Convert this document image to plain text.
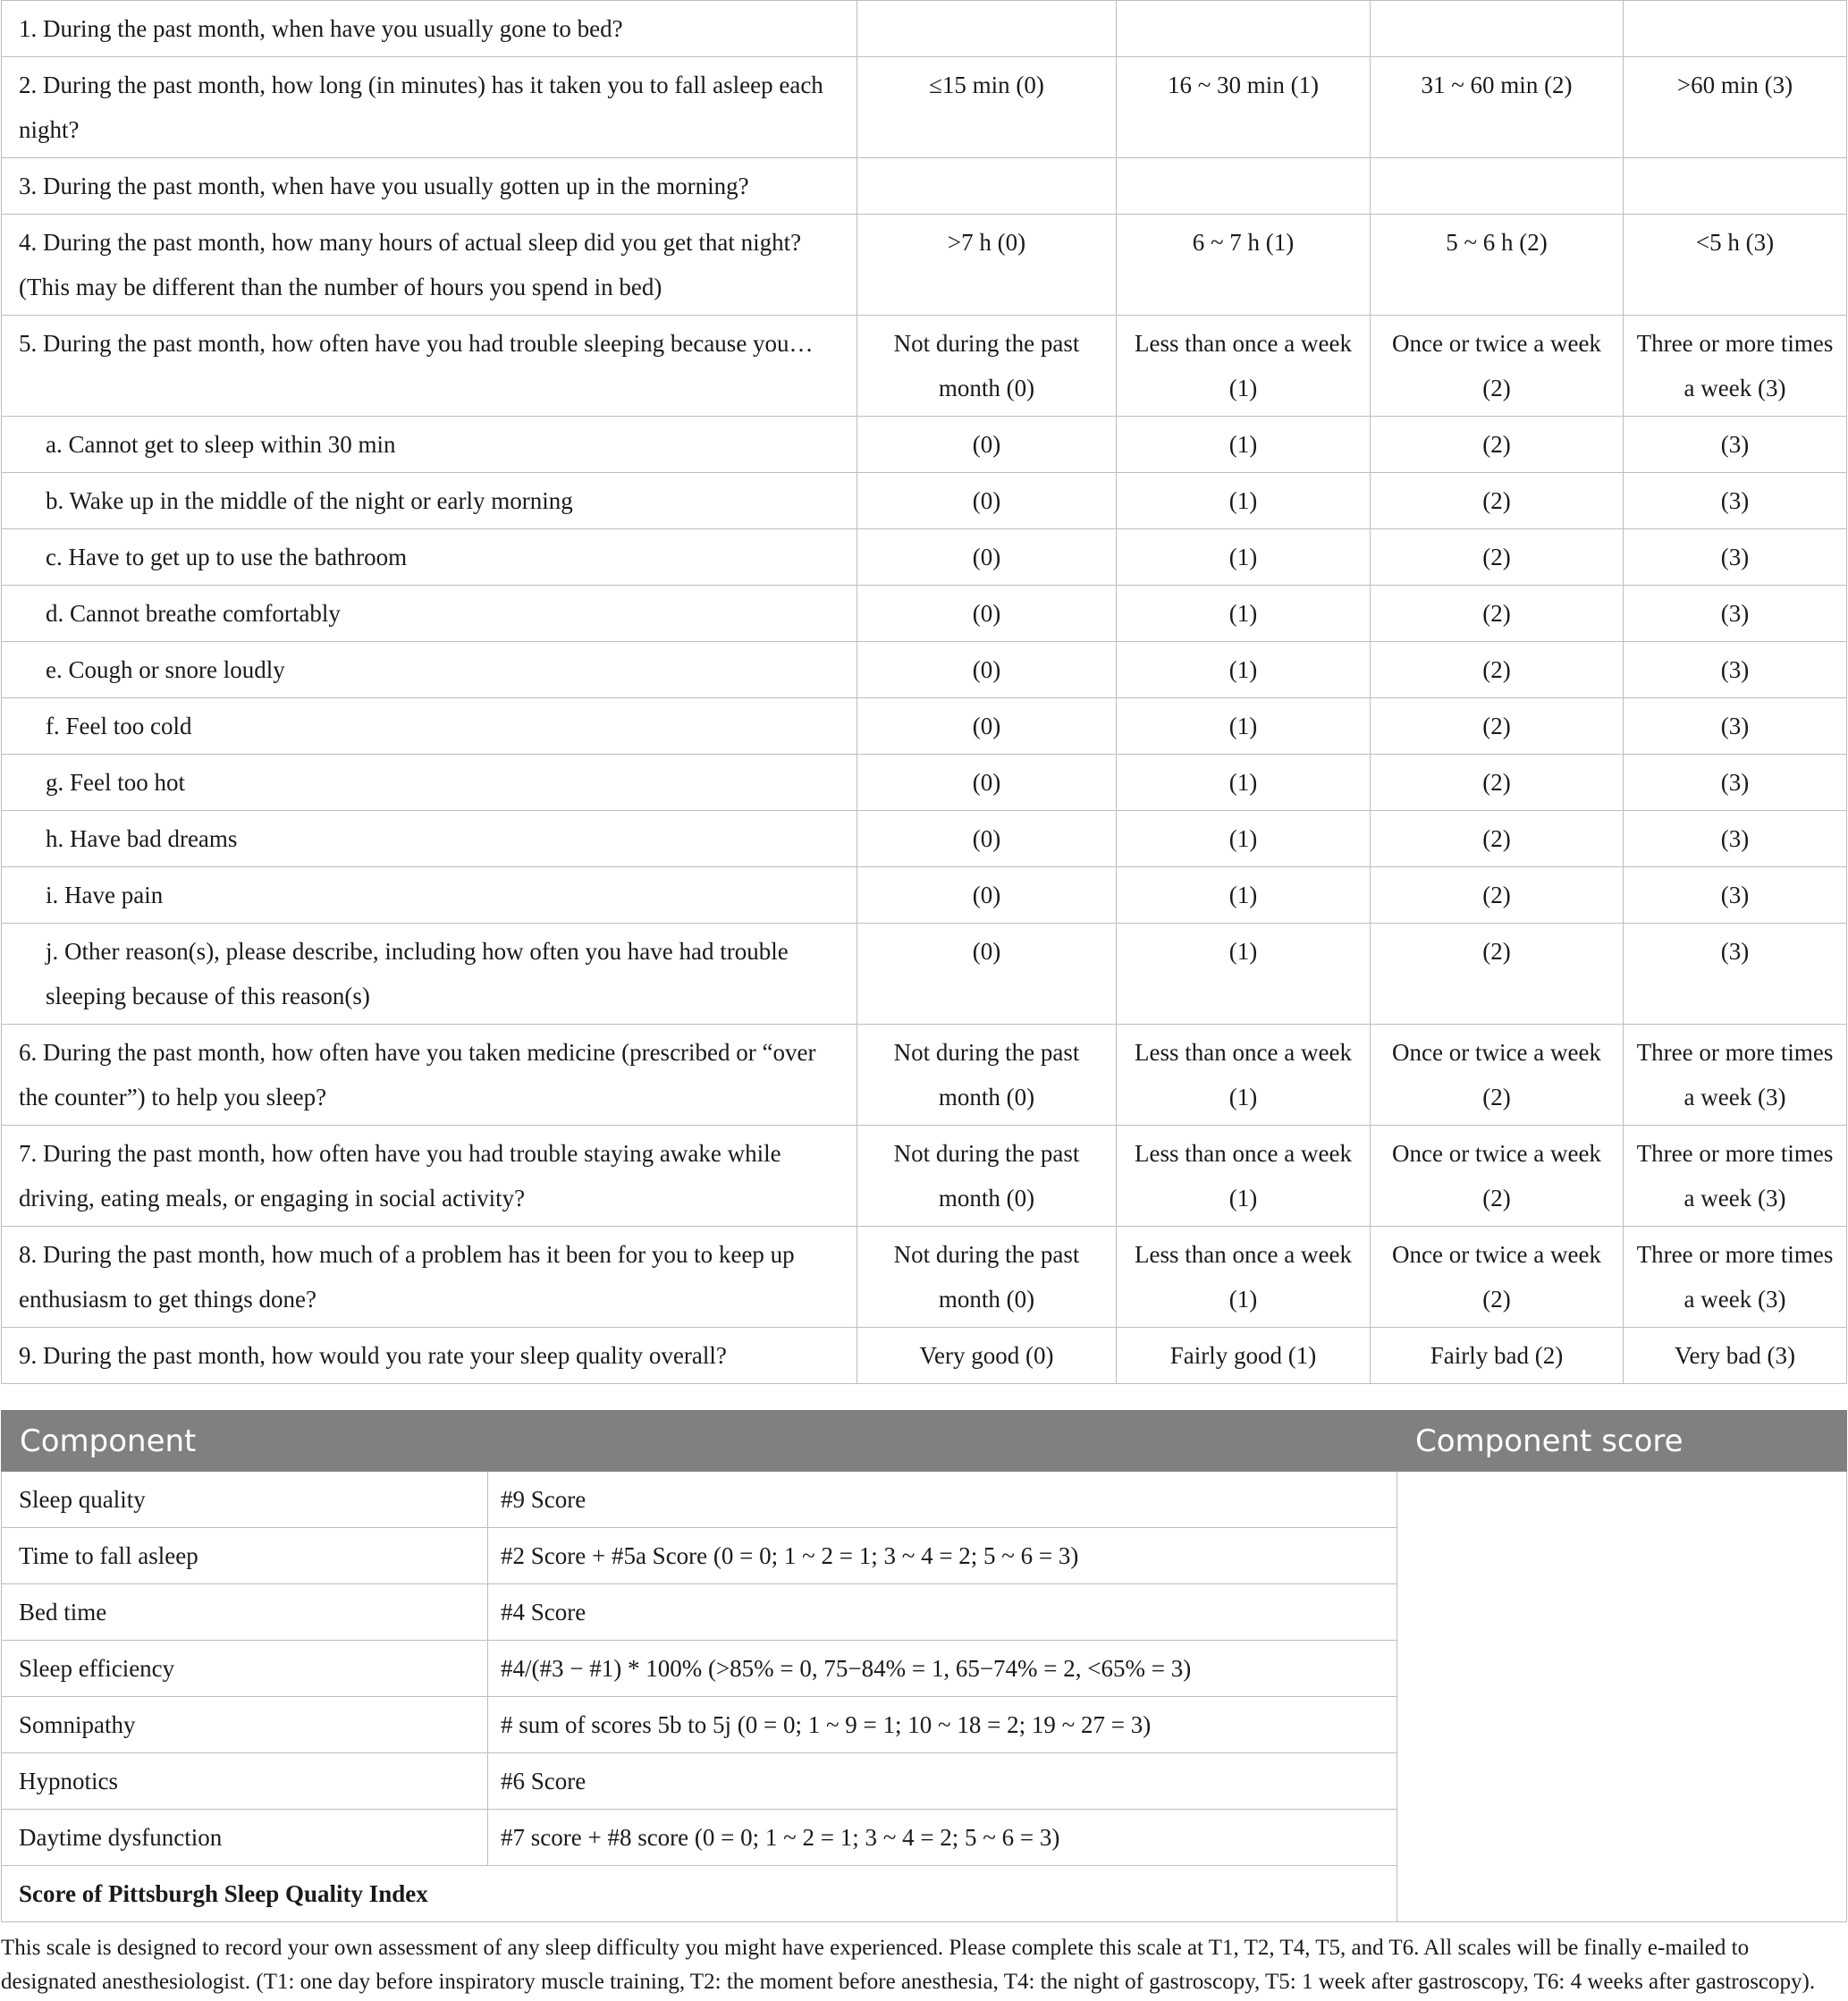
1. During the past month, when have you usually gone to bed?				
2. During the past month, how long (in minutes) has it taken you to fall asleep each night?	≤15 min (0)	16 ~ 30 min (1)	31 ~ 60 min (2)	>60 min (3)
3. During the past month, when have you usually gotten up in the morning?				
4. During the past month, how many hours of actual sleep did you get that night? (This may be different than the number of hours you spend in bed)	>7 h (0)	6 ~ 7 h (1)	5 ~ 6 h (2)	<5 h (3)
5. During the past month, how often have you had trouble sleeping because you…	Not during the past month (0)	Less than once a week (1)	Once or twice a week (2)	Three or more times a week (3)
a. Cannot get to sleep within 30 min	(0)	(1)	(2)	(3)
b. Wake up in the middle of the night or early morning	(0)	(1)	(2)	(3)
c. Have to get up to use the bathroom	(0)	(1)	(2)	(3)
d. Cannot breathe comfortably	(0)	(1)	(2)	(3)
e. Cough or snore loudly	(0)	(1)	(2)	(3)
f. Feel too cold	(0)	(1)	(2)	(3)
g. Feel too hot	(0)	(1)	(2)	(3)
h. Have bad dreams	(0)	(1)	(2)	(3)
i. Have pain	(0)	(1)	(2)	(3)
j. Other reason(s), please describe, including how often you have had trouble sleeping because of this reason(s)	(0)	(1)	(2)	(3)
6. During the past month, how often have you taken medicine (prescribed or “over the counter”) to help you sleep?	Not during the past month (0)	Less than once a week (1)	Once or twice a week (2)	Three or more times a week (3)
7. During the past month, how often have you had trouble staying awake while driving, eating meals, or engaging in social activity?	Not during the past month (0)	Less than once a week (1)	Once or twice a week (2)	Three or more times a week (3)
8. During the past month, how much of a problem has it been for you to keep up enthusiasm to get things done?	Not during the past month (0)	Less than once a week (1)	Once or twice a week (2)	Three or more times a week (3)
9. During the past month, how would you rate your sleep quality overall?	Very good (0)	Fairly good (1)	Fairly bad (2)	Very bad (3)
Component		Component score
Sleep quality	#9 Score	
Time to fall asleep	#2 Score + #5a Score (0 = 0; 1 ~ 2 = 1; 3 ~ 4 = 2; 5 ~ 6 = 3)	
Bed time	#4 Score	
Sleep efficiency	#4/(#3 − #1) * 100% (>85% = 0, 75−84% = 1, 65−74% = 2, <65% = 3)	
Somnipathy	# sum of scores 5b to 5j (0 = 0; 1 ~ 9 = 1; 10 ~ 18 = 2; 19 ~ 27 = 3)	
Hypnotics	#6 Score	
Daytime dysfunction	#7 score + #8 score (0 = 0; 1 ~ 2 = 1; 3 ~ 4 = 2; 5 ~ 6 = 3)	
Score of Pittsburgh Sleep Quality Index		

This scale is designed to record your own assessment of any sleep difficulty you might have experienced. Please complete this scale at T1, T2, T4, T5, and T6. All scales will be finally e-mailed to designated anesthesiologist. (T1: one day before inspiratory muscle training, T2: the moment before anesthesia, T4: the night of gastroscopy, T5: 1 week after gastroscopy, T6: 4 weeks after gastroscopy).
